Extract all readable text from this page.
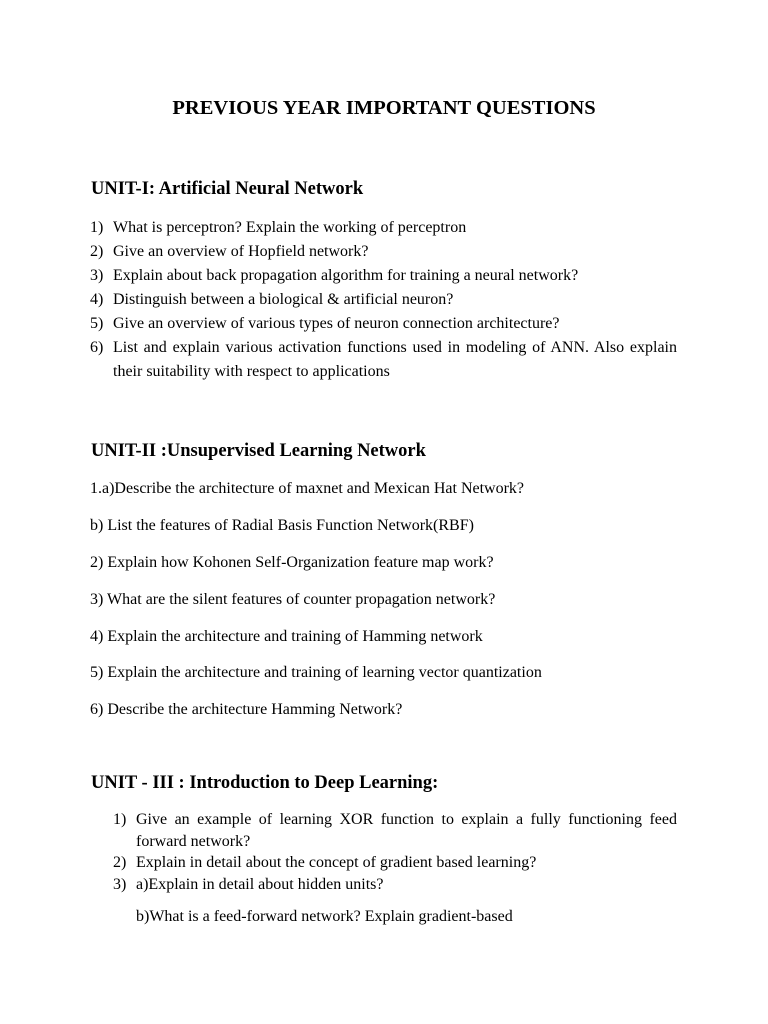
PREVIOUS YEAR IMPORTANT QUESTIONS
UNIT-I: Artificial Neural Network
1) What is perceptron? Explain the working of perceptron
2) Give an overview of Hopfield network?
3) Explain about back propagation algorithm for training a neural network?
4) Distinguish between a biological & artificial neuron?
5) Give an overview of various types of neuron connection architecture?
6) List and explain various activation functions used in modeling of ANN. Also explain their suitability with respect to applications
UNIT-II :Unsupervised Learning Network

1.a)Describe the architecture of maxnet and Mexican Hat Network?

b) List the features of Radial Basis Function Network(RBF)

2) Explain how Kohonen Self-Organization feature map work?

3) What are the silent features of counter propagation network?

4) Explain the architecture and training of Hamming network

5) Explain the architecture and training of learning vector quantization

6) Describe the architecture Hamming Network?

UNIT - III : Introduction to Deep Learning:
1) Give an example of learning XOR function to explain a fully functioning feed forward network?
2) Explain in detail about the concept of gradient based learning?
3) a)Explain in detail about hidden units?

b)What is a feed-forward network? Explain gradient-based
